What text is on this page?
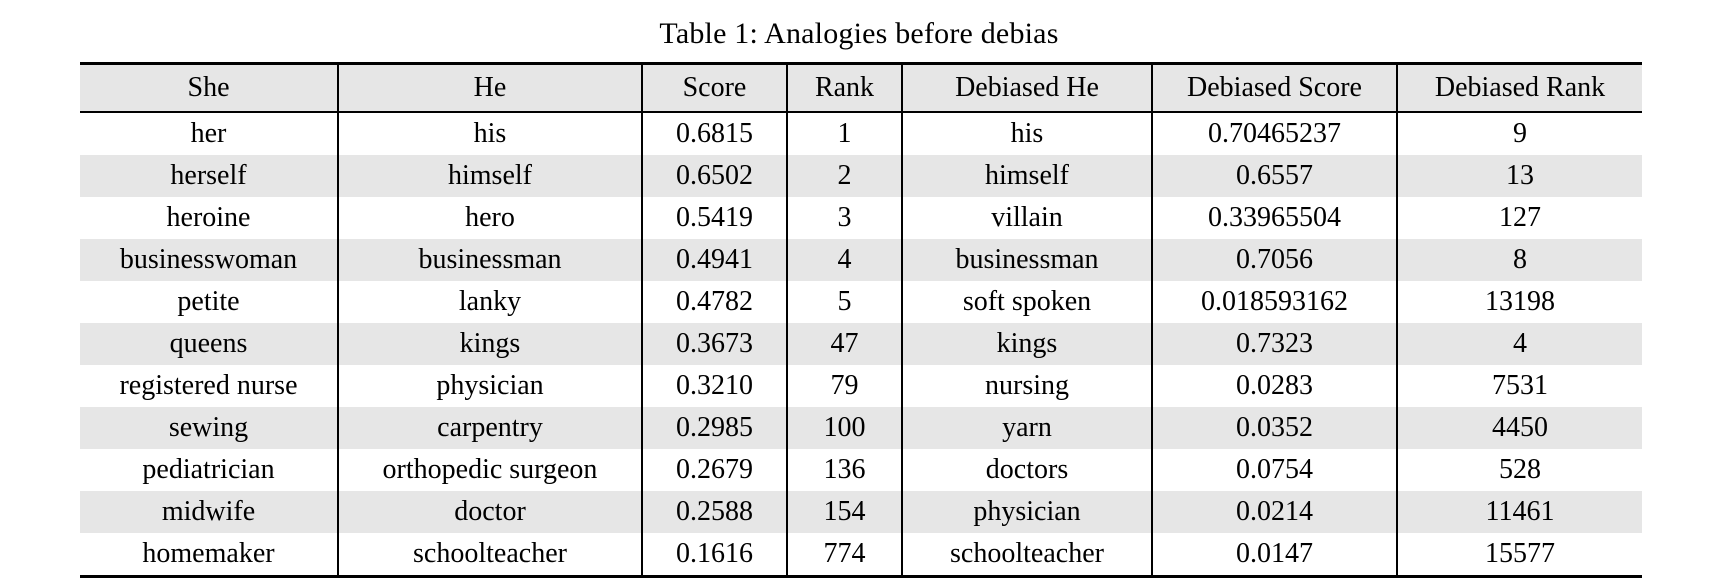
Table 1: Analogies before debias
She	He	Score	Rank	Debiased He	Debiased Score	Debiased Rank
her	his	0.6815	1	his	0.70465237	9
herself	himself	0.6502	2	himself	0.6557	13
heroine	hero	0.5419	3	villain	0.33965504	127
businesswoman	businessman	0.4941	4	businessman	0.7056	8
petite	lanky	0.4782	5	soft spoken	0.018593162	13198
queens	kings	0.3673	47	kings	0.7323	4
registered nurse	physician	0.3210	79	nursing	0.0283	7531
sewing	carpentry	0.2985	100	yarn	0.0352	4450
pediatrician	orthopedic surgeon	0.2679	136	doctors	0.0754	528
midwife	doctor	0.2588	154	physician	0.0214	11461
homemaker	schoolteacher	0.1616	774	schoolteacher	0.0147	15577
